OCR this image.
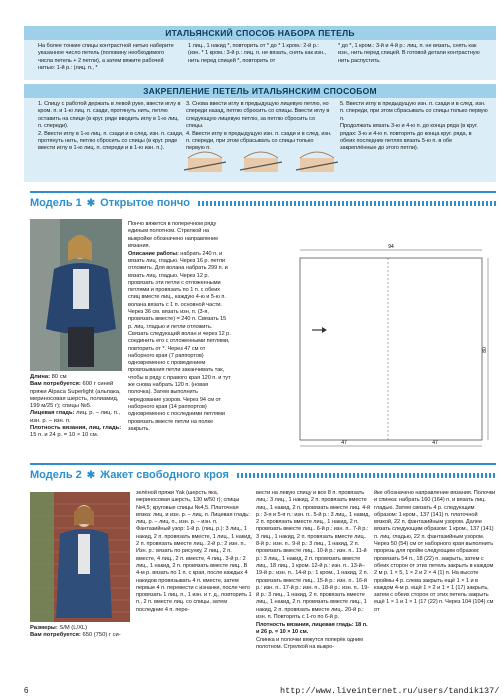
ИТАЛЬЯНСКИЙ СПОСОБ НАБОРА ПЕТЕЛЬ
На более тонкие спицы контрастной нитью наберите указанное число петель (половину необходимого числа петель + 2 петли), а затем вяжите рабочей нитью: 1-й р.: (лиц. п., *
1 лиц., 1 накид *, повторить от * до * 1 кром.: 2-й р.: (изн. * 1 кром.: 3-й р.: лиц. п. не вязать, снять как изн., нить перед спицей *, повторить от
* до *, 1 кром.: 3-й и 4-й р.: лиц. п. не вязать, снять как изн., нить перед спицей. В готовой детали контрастную нить распустить.
ЗАКРЕПЛЕНИЕ ПЕТЕЛЬ ИТАЛЬЯНСКИМ СПОСОБОМ

1. Спицу с работой держать в левой руке, ввести иглу в кром. п. и 1-ю лиц. п. сзади, протянуть нить, петлю оставить на спице (в круг. ряде вводить иглу в 1-ю лиц. п. спереди).

2. Ввести иглу в 1-ю лиц. п. сзади и в след. изн. п. сзади, протянуть нить, петлю сбросить со спицы (в круг. ряде ввести иглу в 1-ю лиц. п. спереди и в 1-ю изн. п.).

3. Снова ввести иглу в предыдущую лицевую петлю, но спереди назад, петлю сбросить со спицы. Ввести иглу в следующую лицевую петлю, за петлю сбросить со спицы.

4. Ввести иглу в предыдущую изн. п. сзади и в след. изн. п. спереди, при этом сбрасывать со спицы только первую п.

5. Ввести иглу в предыдущую изн. п. сзади и в след. изн. п. спереди, при этом сбрасывать со спицы только первую п.

Продолжать вязать 3-ю и 4-ю п. до конца ряда (в круг. рядах: 3-ю и 4-ю п. повторять до конца круг. ряда, в обеих последних петлях вязать 5-ю п. в обе закреплённые до этого петли).

Модель 1 ✱ Открытое пончо
Длина: 80 см
Вам потребуется: 600 г синей пряжи Alpaca Superlight (альпака, мериносовая шерсть, полиамид, 199 м/25 г); спицы №5.
Лицевая гладь: лиц. р. – лиц. п., изн. р. – изн. п.
Плотность вязания, лиц. гладь: 15 п. и 24 р. = 10 × 10 см.

Пончо вяжется в поперечном ряду единым полотном. Стрелкой на выкройке обозначено направление вязания.

Описание работы: набрать 240 п. и вязать лиц. гладью. Через 16 р. петли отложить. Для волана набрать 299 п. и вязать лиц. гладью. Через 12 р. провязать эти петли с отложенными петлями и провязать по 1 п. с обеих спиц вместе лиц., каждую 4-ю и 5-ю п. волана вязать с 1 п. основной части. Через 36 см. вязать изн. п. (3-я, провязать вместе) = 240 п. Связать 15 р. лиц. гладью и петли отложить. Связать следующий волан и через 12 р. соединить его с отложенными петлями, повторить от *. Через 47 см от наборного края (7 раппортов) одновременно с проведением провязывания петли заканчивать так, чтобы в ряду с правого края 120 п. и тут же снова набрать 120 п. (новая полочка). Затем выполнить чередование узоров. Через 94 см от наборного края (14 раппортов) одновременно с последними петлями провязать вместе петли на полке закрыть.

94
47	47
80
Модель 2 ✱ Жакет свободного кроя
Размеры: S/M (L/XL)
Вам потребуется: 650 (750) г си-
зелёной пряжи Yak (шерсть яка, мериносовая шерсть, 130 м/50 г); спицы №4,5; круговые спицы №4,5. Платочная вязка: лиц. и изн. р. – лиц. п. Лицевая гладь: лиц. р. – лиц. п., изн. р. – изн. п. Фантазийный узор: 1-й р. (лиц. р.): 3 лиц., 1 накид, 2 п. провязать вместе, 1 лиц., 1 накид, 2 п. провязать вместе лиц.. 2-й р.: 2 изн. п.. Изн. р.: вязать по рисунку, 2 лиц., 2 п. вместе, 4 лиц., 2 п. вместе, 4 лиц.. 3-й р.: 2 лиц., 1 накид, 2 п. провязать вместе лиц.. В 4-м р. вязать по 1 п. с края, после каждых 4 накидов провязывать 4 п. вместе, затем первые 4 п. перевести с изнанки, после чего провязать 1 лиц. п., 1 изн. и т. д., повторить 1 п., 2 п. вместе лиц. со спицы, затем последние 4 п. пере-

вести на левую спицу и все 8 п. провязать лиц.: 3 лиц., 1 накид, 2 п. провязать вместе лиц., 1 накид, 2 п. провязать вместе лиц. 4-й р.: 3-я и 5-я п.: изн. п.. 5-й р.: 3 лиц., 1 накид, 2 п. провязать вместе лиц., 1 накид, 2 п. провязать вместе лиц.. 6-й р.: изн. п.. 7-й р.: 3 лиц., 1 накид, 2 п. провязать вместе лиц.. 8-й р.: изн. п.. 9-й р.: 3 лиц., 1 накид, 2 п. провязать вместе лиц.. 10-й р.: изн. п.. 11-й р.: 3 лиц., 1 накид, 2 п. провязать вместе лиц., 18 лиц., 1 кром. 12-й р.: изн. п.. 13-й–19-й р.: изн. п.. 14-й р.: 1 кром., 1 накид, 2 п. провязать вместе лиц.. 15-й р.: изн. п.. 16-й р.: изн. п.. 17-й р.: изн. п.. 18-й р.: изн. п.. 19-й р.: 3 лиц., 1 накид, 2 п. провязать вместе лиц., 1 накид, 2 п. провязать вместе лиц., 1 накид, 2 п. провязать вместе лиц.. 20-й р.: изн. п. Повторять с 1-го по 6-й р.

Плотность вязания, лицевая гладь: 18 п. и 26 р. = 10 × 10 см.

Спинка и полочки вяжутся поперёк одним полотном. Стрелкой на выкро-

йке обозначено направление вязания. Полочки и спинка: набрать 160 (164) п. и вязать лиц. гладью. Затем связать 4 р. следующим образом: 1 кром., 137 (141) п. платочной вязкой, 22 п. фантазийным узором. Далее вязать следующим образом: 1 кром., 137 (141) п. лиц. гладью, 22 п. фантазийным узором. Через 50 (54) см от наборного края выполнить прорезь для пройм следующим образом: провязать 54 п., 18 (22) п. закрыть, затем с обеих сторон от этих петель закрыть в каждом 2 м р. 1 × 5, 1 × 2 и 2 × 4 (1) п. На высоте проймы 4 р. слева закрыть ещё 1 × 1 и в каждом 4-м р. ещё 1 × 2 и 1 × 1 (17) закрыть, затем с обеих сторон от этих петель закрыть ещё 1 × 1 и 1 × 1 (17 (22) п. Через 104 (104) см от
6	http://www.liveinternet.ru/users/tandik137/
